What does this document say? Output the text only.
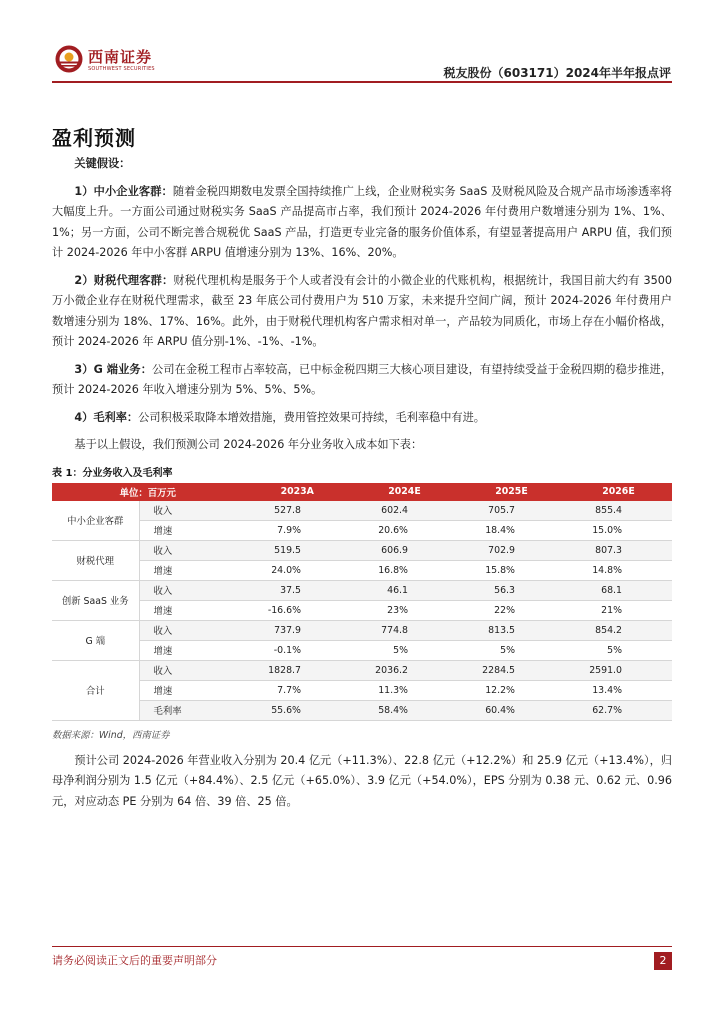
西南证券
SOUTHWEST SECURITIES	税友股份（603171）2024年半年报点评
盈利预测

关键假设：

1）中小企业客群：随着金税四期数电发票全国持续推广上线，企业财税实务 SaaS 及财税风险及合规产品市场渗透率将大幅度上升。一方面公司通过财税实务 SaaS 产品提高市占率，我们预计 2024-2026 年付费用户数增速分别为 1%、1%、1%；另一方面，公司不断完善合规税优 SaaS 产品，打造更专业完备的服务价值体系，有望显著提高用户 ARPU 值，我们预计 2024-2026 年中小客群 ARPU 值增速分别为 13%、16%、20%。

2）财税代理客群：财税代理机构是服务于个人或者没有会计的小微企业的代账机构，根据统计，我国目前大约有 3500 万小微企业存在财税代理需求，截至 23 年底公司付费用户为 510 万家，未来提升空间广阔，预计 2024-2026 年付费用户数增速分别为 18%、17%、16%。此外，由于财税代理机构客户需求相对单一，产品较为同质化，市场上存在小幅价格战，预计 2024-2026 年 ARPU 值分别-1%、-1%、-1%。

3）G 端业务：公司在金税工程市占率较高，已中标金税四期三大核心项目建设，有望持续受益于金税四期的稳步推进，预计 2024-2026 年收入增速分别为 5%、5%、5%。

4）毛利率：公司积极采取降本增效措施，费用管控效果可持续，毛利率稳中有进。

基于以上假设，我们预测公司 2024-2026 年分业务收入成本如下表：

表 1：分业务收入及毛利率
单位：百万元		2023A	2024E	2025E	2026E
中小企业客群	收入	527.8	602.4	705.7	855.4
	增速	7.9%	20.6%	18.4%	15.0%
财税代理	收入	519.5	606.9	702.9	807.3
	增速	24.0%	16.8%	15.8%	14.8%
创新 SaaS 业务	收入	37.5	46.1	56.3	68.1
	增速	-16.6%	23%	22%	21%
G 端	收入	737.9	774.8	813.5	854.2
	增速	-0.1%	5%	5%	5%
合计	收入	1828.7	2036.2	2284.5	2591.0
	增速	7.7%	11.3%	12.2%	13.4%
	毛利率	55.6%	58.4%	60.4%	62.7%
数据来源：Wind，西南证券

预计公司 2024-2026 年营业收入分别为 20.4 亿元（+11.3%）、22.8 亿元（+12.2%）和 25.9 亿元（+13.4%），归母净利润分别为 1.5 亿元（+84.4%）、2.5 亿元（+65.0%）、3.9 亿元（+54.0%），EPS 分别为 0.38 元、0.62 元、0.96 元，对应动态 PE 分别为 64 倍、39 倍、25 倍。

请务必阅读正文后的重要声明部分	2
